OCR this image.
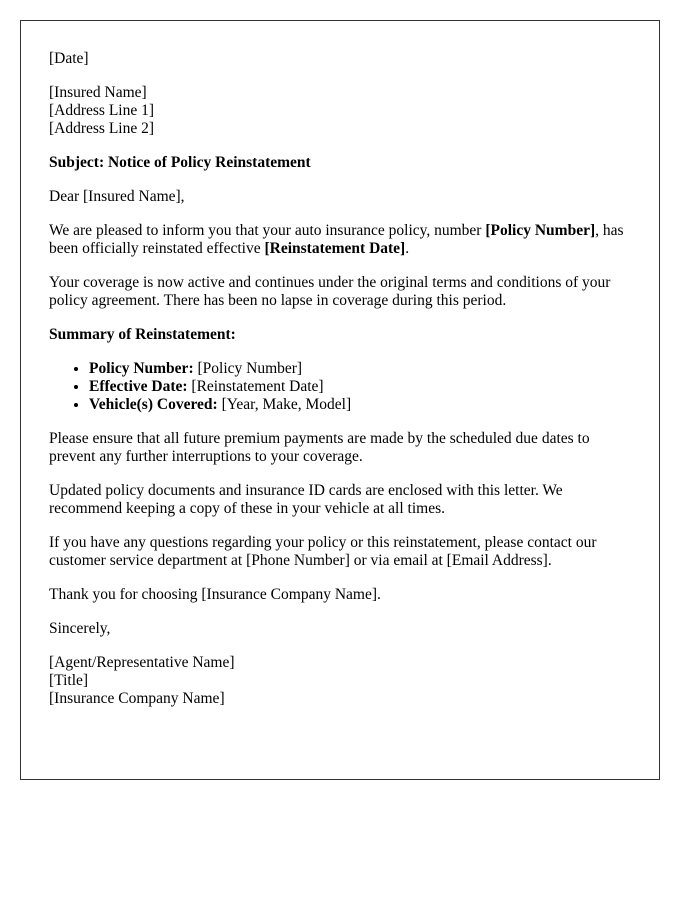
[Date]
[Insured Name]
[Address Line 1]
[Address Line 2]
Subject: Notice of Policy Reinstatement
Dear [Insured Name],
We are pleased to inform you that your auto insurance policy, number [Policy Number], has been officially reinstated effective [Reinstatement Date].
Your coverage is now active and continues under the original terms and conditions of your policy agreement. There has been no lapse in coverage during this period.
Summary of Reinstatement:
• Policy Number: [Policy Number]
• Effective Date: [Reinstatement Date]
• Vehicle(s) Covered: [Year, Make, Model]
Please ensure that all future premium payments are made by the scheduled due dates to prevent any further interruptions to your coverage.
Updated policy documents and insurance ID cards are enclosed with this letter. We recommend keeping a copy of these in your vehicle at all times.
If you have any questions regarding your policy or this reinstatement, please contact our customer service department at [Phone Number] or via email at [Email Address].
Thank you for choosing [Insurance Company Name].
Sincerely,
[Agent/Representative Name]
[Title]
[Insurance Company Name]
